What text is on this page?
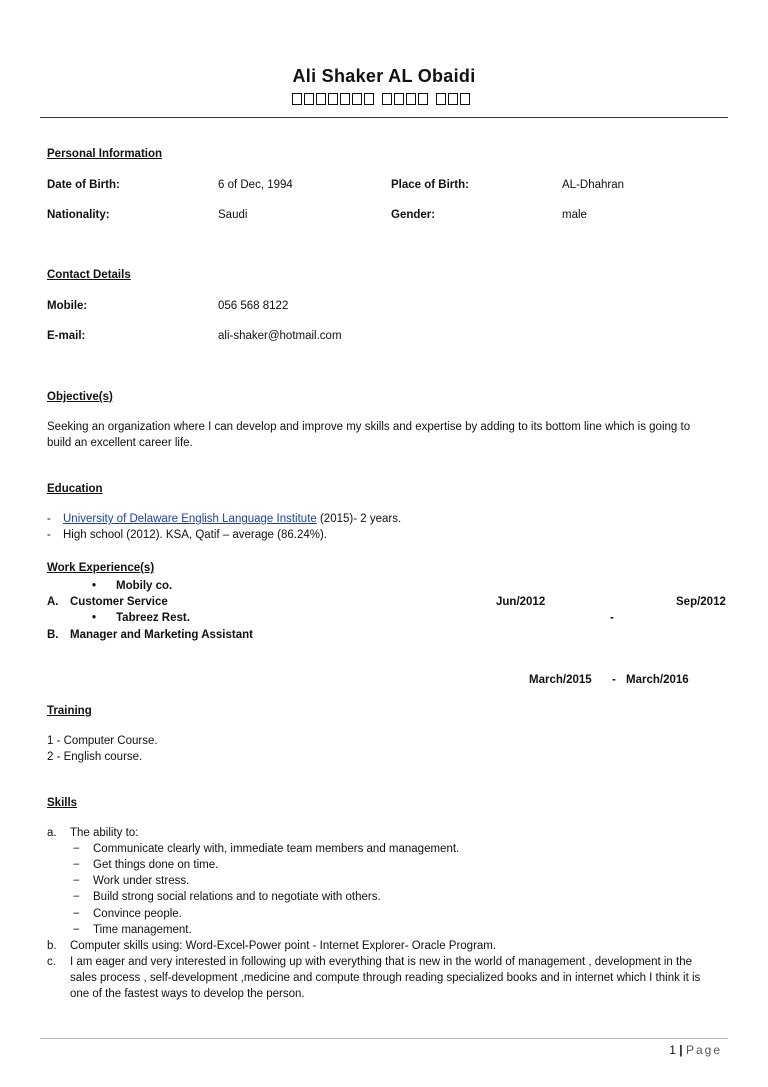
Ali Shaker AL Obaidi
Personal Information
Date of Birth:	6 of Dec, 1994	Place of Birth:	AL-Dhahran
Nationality:	Saudi	Gender:	male
Contact Details
Mobile:	056 568 8122
E-mail:	ali-shaker@hotmail.com
Objective(s)
Seeking an organization where I can develop and improve my skills and expertise by adding to its bottom line which is going to
build an excellent career life.
Education
- University of Delaware English Language Institute (2015)- 2 years.
- High school (2012). KSA, Qatif – average (86.24%).
Work Experience(s)
• Mobily co.
A. Customer Service	Jun/2012	Sep/2012
• Tabreez Rest.	-
B. Manager and Marketing Assistant
March/2015 - March/2016
Training
1 - Computer Course.
2 - English course.
Skills
a. The ability to:
− Communicate clearly with, immediate team members and management.
− Get things done on time.
− Work under stress.
− Build strong social relations and to negotiate with others.
− Convince people.
− Time management.
b. Computer skills using: Word-Excel-Power point - Internet Explorer- Oracle Program.
c. I am eager and very interested in following up with everything that is new in the world of management , development in the
sales process , self-development ,medicine and compute through reading specialized books and in internet which I think it is
one of the fastest ways to develop the person.
1 | Page
